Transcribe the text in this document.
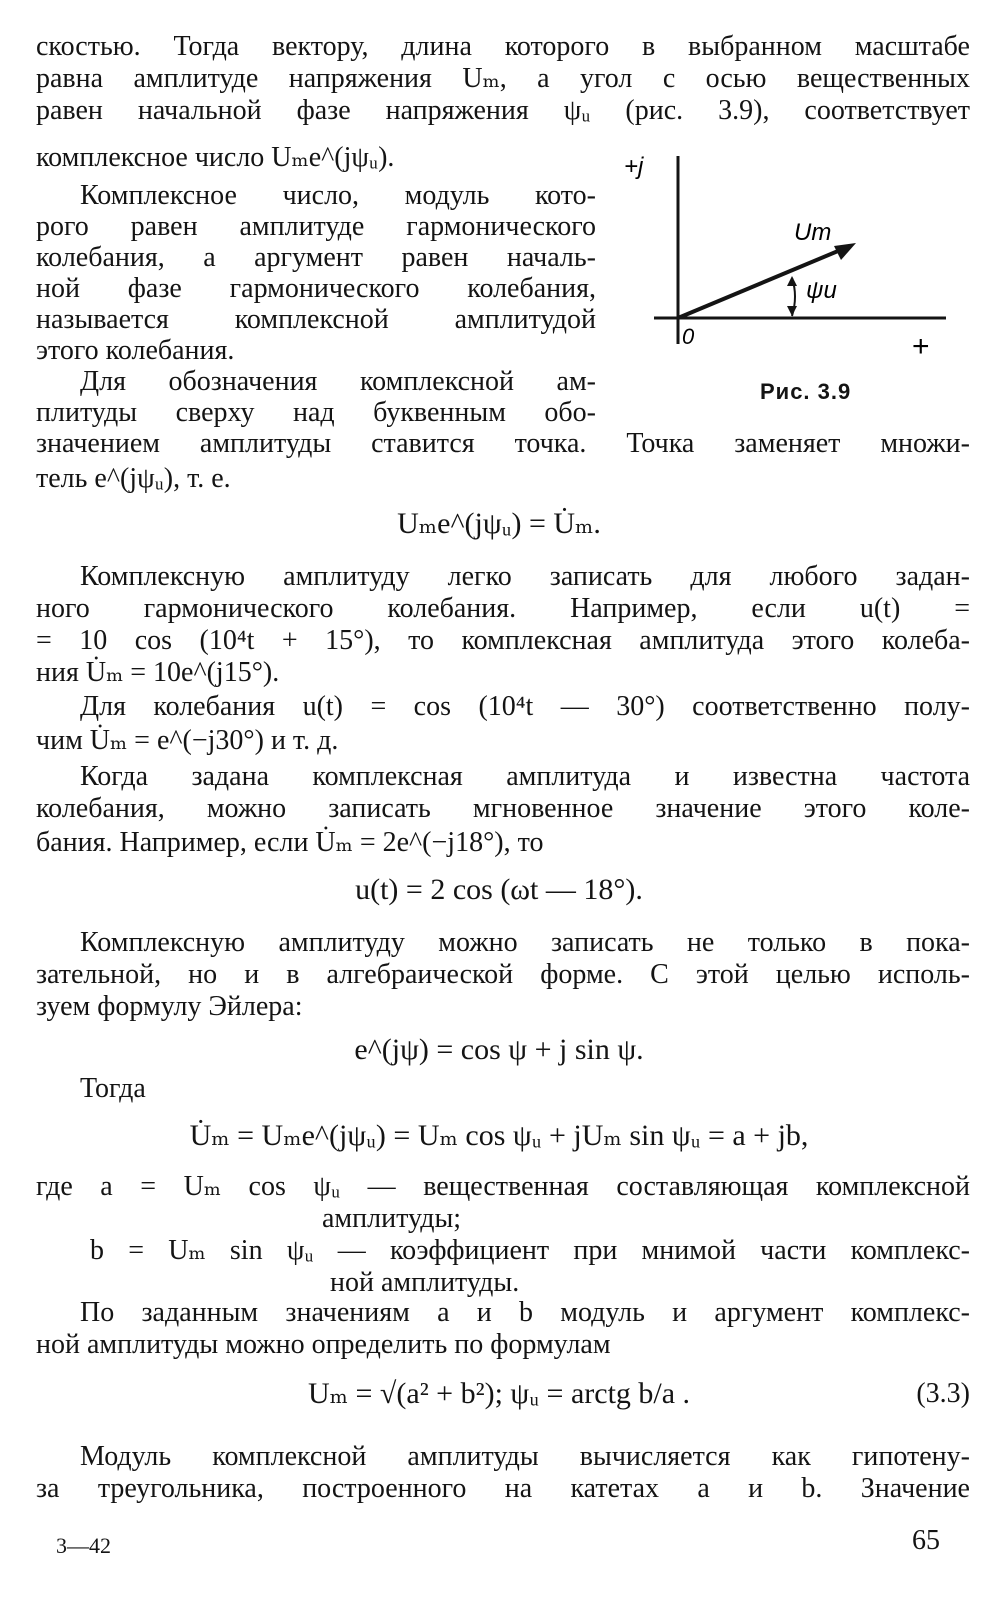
скостью. Тогда вектору, длина которого в выбранном масштабе
равна амплитуде напряжения Uₘ, а угол с осью вещественных
равен начальной фазе напряжения ψᵤ (рис. 3.9), соответствует
комплексное число Uₘe^(jψᵤ).
Комплексное число, модуль кото-
рого равен амплитуде гармонического
колебания, а аргумент равен началь-
ной фазе гармонического колебания,
называется комплексной амплитудой
этого колебания.
Для обозначения комплексной ам-
плитуды сверху над буквенным обо-
значением амплитуды ставится точка. Точка заменяет множи-
тель e^(jψᵤ), т. е.
Uₘe^(jψᵤ) = U̇ₘ.
Комплексную амплитуду легко записать для любого задан-
ного гармонического колебания. Например, если u(t) =
= 10 cos (10⁴t + 15°), то комплексная амплитуда этого колеба-
ния U̇ₘ = 10e^(j15°).
Для колебания u(t) = cos (10⁴t — 30°) соответственно полу-
чим U̇ₘ = e^(−j30°) и т. д.
Когда задана комплексная амплитуда и известна частота
колебания, можно записать мгновенное значение этого коле-
бания. Например, если U̇ₘ = 2e^(−j18°), то
u(t) = 2 cos (ωt — 18°).
Комплексную амплитуду можно записать не только в пока-
зательной, но и в алгебраической форме. С этой целью исполь-
зуем формулу Эйлера:
e^(jψ) = cos ψ + j sin ψ.
Тогда
U̇ₘ = Uₘe^(jψᵤ) = Uₘ cos ψᵤ + jUₘ sin ψᵤ = a + jb,
где a = Uₘ cos ψᵤ — вещественная составляющая комплексной
амплитуды;
b = Uₘ sin ψᵤ — коэффициент при мнимой части комплекс-
ной амплитуды.
По заданным значениям a и b модуль и аргумент комплекс-
ной амплитуды можно определить по формулам
Uₘ = √(a² + b²); ψᵤ = arctg b/a .	(3.3)
Модуль комплексной амплитуды вычисляется как гипотену-
за треугольника, построенного на катетах a и b. Значение
3—42	65
+j
+
0
Um
ψu
Рис. 3.9
